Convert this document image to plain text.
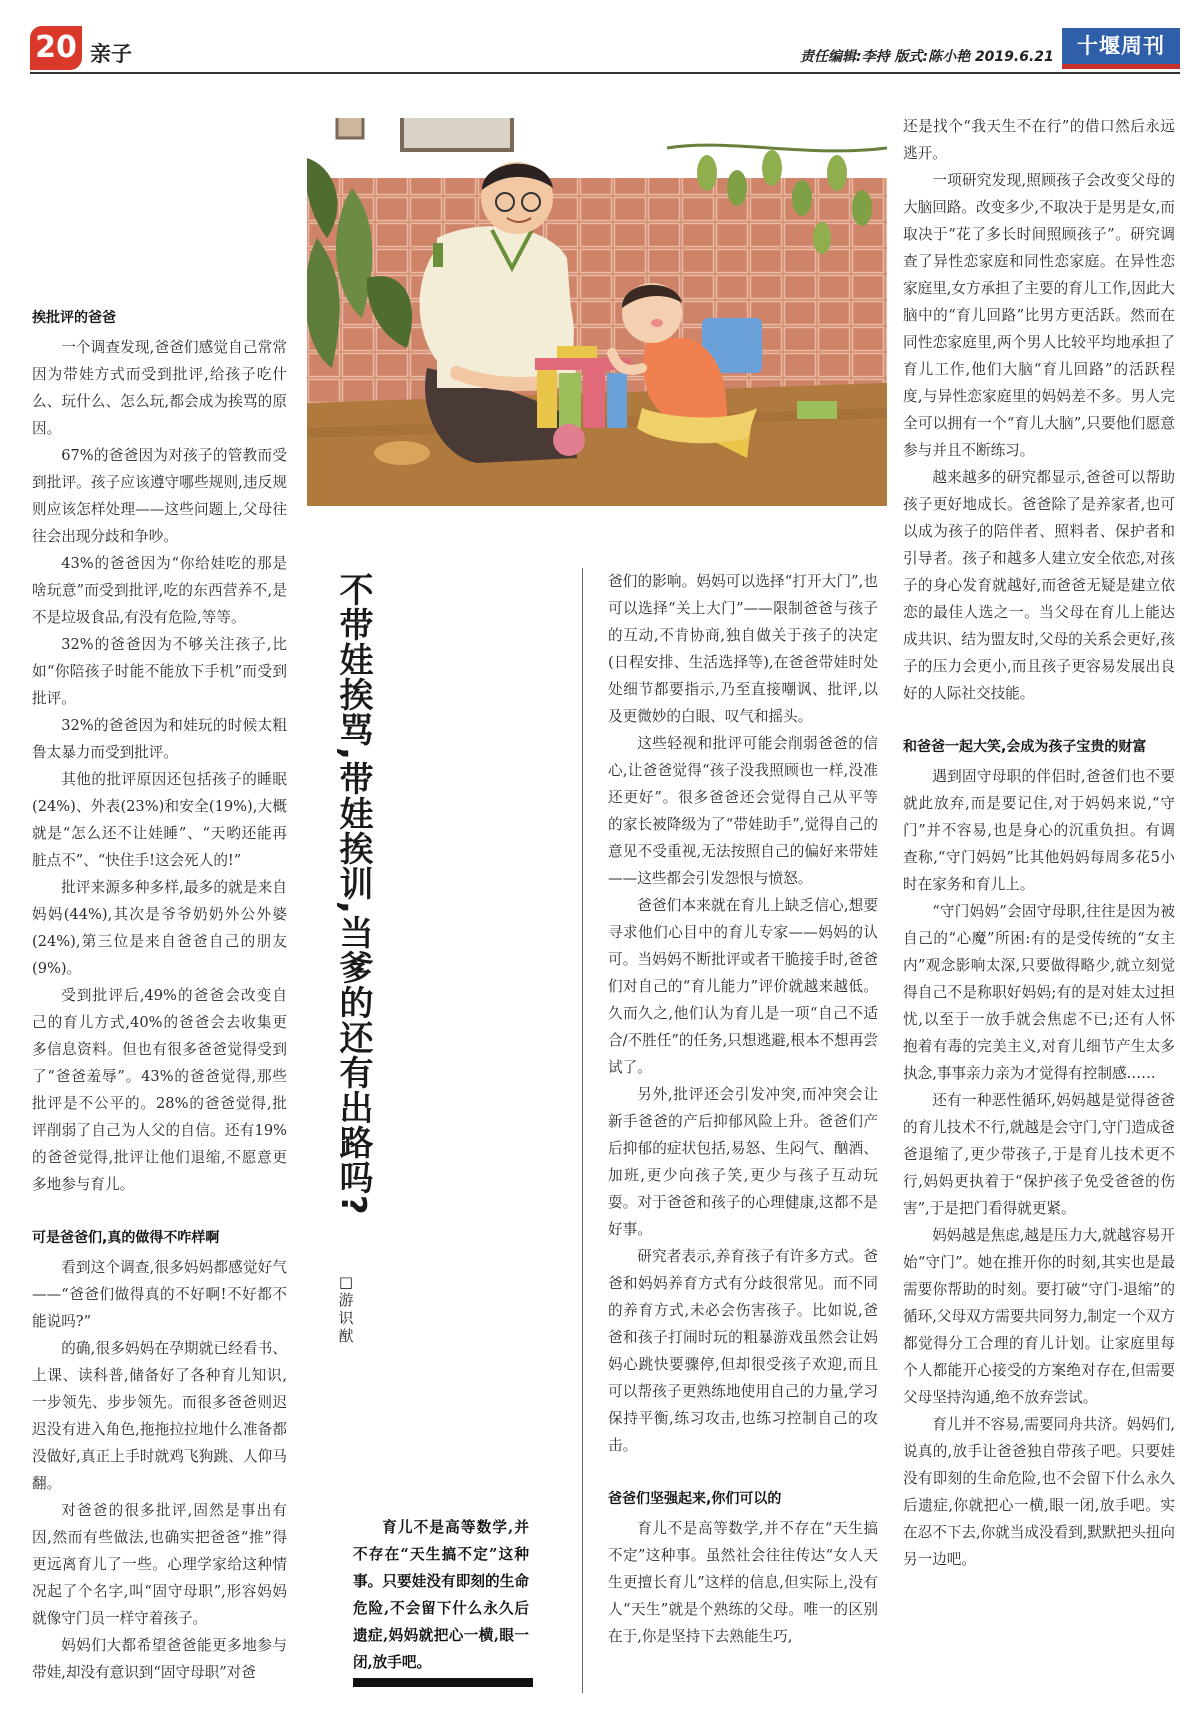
20 亲子	责任编辑:李持 版式:陈小艳 2019.6.21	十堰周刊
不带娃挨骂,带娃挨训,当爹的还有出路吗?
□游识猷
挨批评的爸爸

一个调查发现,爸爸们感觉自己常常因为带娃方式而受到批评,给孩子吃什么、玩什么、怎么玩,都会成为挨骂的原因。

67%的爸爸因为对孩子的管教而受到批评。孩子应该遵守哪些规则,违反规则应该怎样处理——这些问题上,父母往往会出现分歧和争吵。

43%的爸爸因为“你给娃吃的那是啥玩意”而受到批评,吃的东西营养不,是不是垃圾食品,有没有危险,等等。

32%的爸爸因为不够关注孩子,比如“你陪孩子时能不能放下手机”而受到批评。

32%的爸爸因为和娃玩的时候太粗鲁太暴力而受到批评。

其他的批评原因还包括孩子的睡眠(24%)、外表(23%)和安全(19%),大概就是“怎么还不让娃睡”、“天哟还能再脏点不”、“快住手!这会死人的!”

批评来源多种多样,最多的就是来自妈妈(44%),其次是爷爷奶奶外公外婆(24%),第三位是来自爸爸自己的朋友(9%)。

受到批评后,49%的爸爸会改变自己的育儿方式,40%的爸爸会去收集更多信息资料。但也有很多爸爸觉得受到了“爸爸羞辱”。43%的爸爸觉得,那些批评是不公平的。28%的爸爸觉得,批评削弱了自己为人父的自信。还有19%的爸爸觉得,批评让他们退缩,不愿意更多地参与育儿。

可是爸爸们,真的做得不咋样啊

看到这个调查,很多妈妈都感觉好气——“爸爸们做得真的不好啊!不好都不能说吗?”

的确,很多妈妈在孕期就已经看书、上课、读科普,储备好了各种育儿知识,一步领先、步步领先。而很多爸爸则迟迟没有进入角色,拖拖拉拉地什么准备都没做好,真正上手时就鸡飞狗跳、人仰马翻。

对爸爸的很多批评,固然是事出有因,然而有些做法,也确实把爸爸“推”得更远离育儿了一些。心理学家给这种情况起了个名字,叫“固守母职”,形容妈妈就像守门员一样守着孩子。

妈妈们大都希望爸爸能更多地参与带娃,却没有意识到“固守母职”对爸

育儿不是高等数学,并不存在“天生搞不定”这种事。只要娃没有即刻的生命危险,不会留下什么永久后遗症,妈妈就把心一横,眼一闭,放手吧。

爸们的影响。妈妈可以选择“打开大门”,也可以选择“关上大门”——限制爸爸与孩子的互动,不肯协商,独自做关于孩子的决定(日程安排、生活选择等),在爸爸带娃时处处细节都要指示,乃至直接嘲讽、批评,以及更微妙的白眼、叹气和摇头。

这些轻视和批评可能会削弱爸爸的信心,让爸爸觉得“孩子没我照顾也一样,没准还更好”。很多爸爸还会觉得自己从平等的家长被降级为了“带娃助手”,觉得自己的意见不受重视,无法按照自己的偏好来带娃——这些都会引发怨恨与愤怒。

爸爸们本来就在育儿上缺乏信心,想要寻求他们心目中的育儿专家——妈妈的认可。当妈妈不断批评或者干脆接手时,爸爸们对自己的“育儿能力”评价就越来越低。久而久之,他们认为育儿是一项“自己不适合/不胜任”的任务,只想逃避,根本不想再尝试了。

另外,批评还会引发冲突,而冲突会让新手爸爸的产后抑郁风险上升。爸爸们产后抑郁的症状包括,易怒、生闷气、酗酒、加班,更少向孩子笑,更少与孩子互动玩耍。对于爸爸和孩子的心理健康,这都不是好事。

研究者表示,养育孩子有许多方式。爸爸和妈妈养育方式有分歧很常见。而不同的养育方式,未必会伤害孩子。比如说,爸爸和孩子打闹时玩的粗暴游戏虽然会让妈妈心跳快要骤停,但却很受孩子欢迎,而且可以帮孩子更熟练地使用自己的力量,学习保持平衡,练习攻击,也练习控制自己的攻击。

爸爸们坚强起来,你们可以的

育儿不是高等数学,并不存在“天生搞不定”这种事。虽然社会往往传达“女人天生更擅长育儿”这样的信息,但实际上,没有人“天生”就是个熟练的父母。唯一的区别在于,你是坚持下去熟能生巧,

还是找个“我天生不在行”的借口然后永远逃开。

一项研究发现,照顾孩子会改变父母的大脑回路。改变多少,不取决于是男是女,而取决于“花了多长时间照顾孩子”。研究调查了异性恋家庭和同性恋家庭。在异性恋家庭里,女方承担了主要的育儿工作,因此大脑中的“育儿回路”比男方更活跃。然而在同性恋家庭里,两个男人比较平均地承担了育儿工作,他们大脑“育儿回路”的活跃程度,与异性恋家庭里的妈妈差不多。男人完全可以拥有一个“育儿大脑”,只要他们愿意参与并且不断练习。

越来越多的研究都显示,爸爸可以帮助孩子更好地成长。爸爸除了是养家者,也可以成为孩子的陪伴者、照料者、保护者和引导者。孩子和越多人建立安全依恋,对孩子的身心发育就越好,而爸爸无疑是建立依恋的最佳人选之一。当父母在育儿上能达成共识、结为盟友时,父母的关系会更好,孩子的压力会更小,而且孩子更容易发展出良好的人际社交技能。

和爸爸一起大笑,会成为孩子宝贵的财富

遇到固守母职的伴侣时,爸爸们也不要就此放弃,而是要记住,对于妈妈来说,“守门”并不容易,也是身心的沉重负担。有调查称,“守门妈妈”比其他妈妈每周多花5小时在家务和育儿上。

“守门妈妈”会固守母职,往往是因为被自己的“心魔”所困:有的是受传统的“女主内”观念影响太深,只要做得略少,就立刻觉得自己不是称职好妈妈;有的是对娃太过担忧,以至于一放手就会焦虑不已;还有人怀抱着有毒的完美主义,对育儿细节产生太多执念,事事亲力亲为才觉得有控制感……

还有一种恶性循环,妈妈越是觉得爸爸的育儿技术不行,就越是会守门,守门造成爸爸退缩了,更少带孩子,于是育儿技术更不行,妈妈更执着于“保护孩子免受爸爸的伤害”,于是把门看得就更紧。

妈妈越是焦虑,越是压力大,就越容易开始“守门”。她在推开你的时刻,其实也是最需要你帮助的时刻。要打破“守门-退缩”的循环,父母双方需要共同努力,制定一个双方都觉得分工合理的育儿计划。让家庭里每个人都能开心接受的方案绝对存在,但需要父母坚持沟通,绝不放弃尝试。

育儿并不容易,需要同舟共济。妈妈们,说真的,放手让爸爸独自带孩子吧。只要娃没有即刻的生命危险,也不会留下什么永久后遗症,你就把心一横,眼一闭,放手吧。实在忍不下去,你就当成没看到,默默把头扭向另一边吧。
